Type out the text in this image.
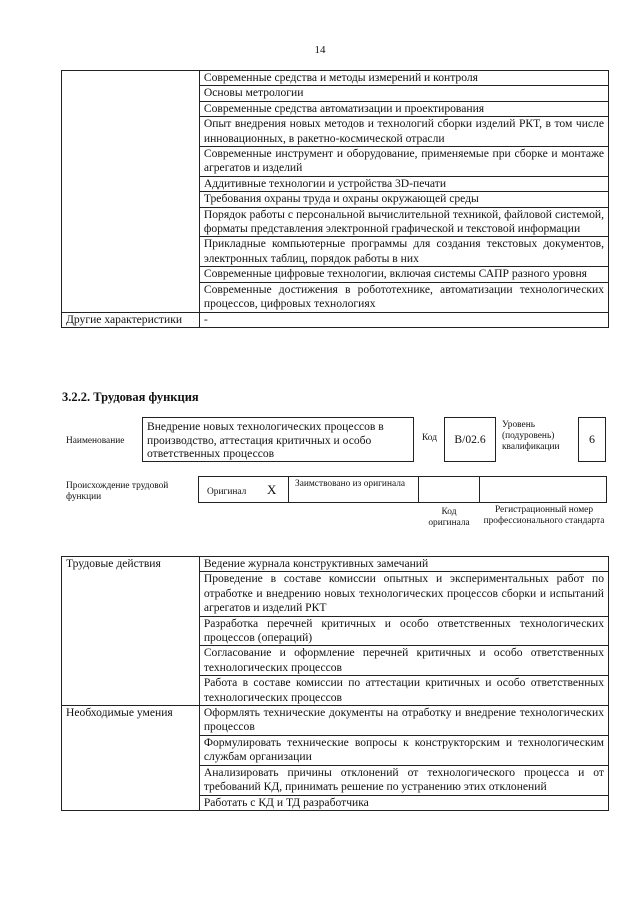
14
	Современные средства и методы измерений и контроля
	Основы метрологии
	Современные средства автоматизации и проектирования
	Опыт внедрения новых методов и технологий сборки изделий РКТ, в том числе инновационных, в ракетно-космической отрасли
	Современные инструмент и оборудование, применяемые при сборке и монтаже агрегатов и изделий
	Аддитивные технологии и устройства 3D-печати
	Требования охраны труда и охраны окружающей среды
	Порядок работы с персональной вычислительной техникой, файловой системой, форматы представления электронной графической и текстовой информации
	Прикладные компьютерные программы для создания текстовых документов, электронных таблиц, порядок работы в них
	Современные цифровые технологии, включая системы САПР разного уровня
	Современные достижения в робототехнике, автоматизации технологических процессов, цифровых технологиях
Другие характеристики	-
3.2.2. Трудовая функция
Наименование
Внедрение новых технологических процессов в производство, аттестация критичных и особо ответственных процессов
Код B/02.6
Уровень (подуровень) квалификации
6
Происхождение трудовой функции	Оригинал X Заимствовано из оригинала
Код оригинала
Регистрационный номер профессионального стандарта
Трудовые действия	Ведение журнала конструктивных замечаний
	Проведение в составе комиссии опытных и экспериментальных работ по отработке и внедрению новых технологических процессов сборки и испытаний агрегатов и изделий РКТ
	Разработка перечней критичных и особо ответственных технологических процессов (операций)
	Согласование и оформление перечней критичных и особо ответственных технологических процессов
	Работа в составе комиссии по аттестации критичных и особо ответственных технологических процессов
Необходимые умения	Оформлять технические документы на отработку и внедрение технологических процессов
	Формулировать технические вопросы к конструкторским и технологическим службам организации
	Анализировать причины отклонений от технологического процесса и от требований КД, принимать решение по устранению этих отклонений
	Работать с КД и ТД разработчика
